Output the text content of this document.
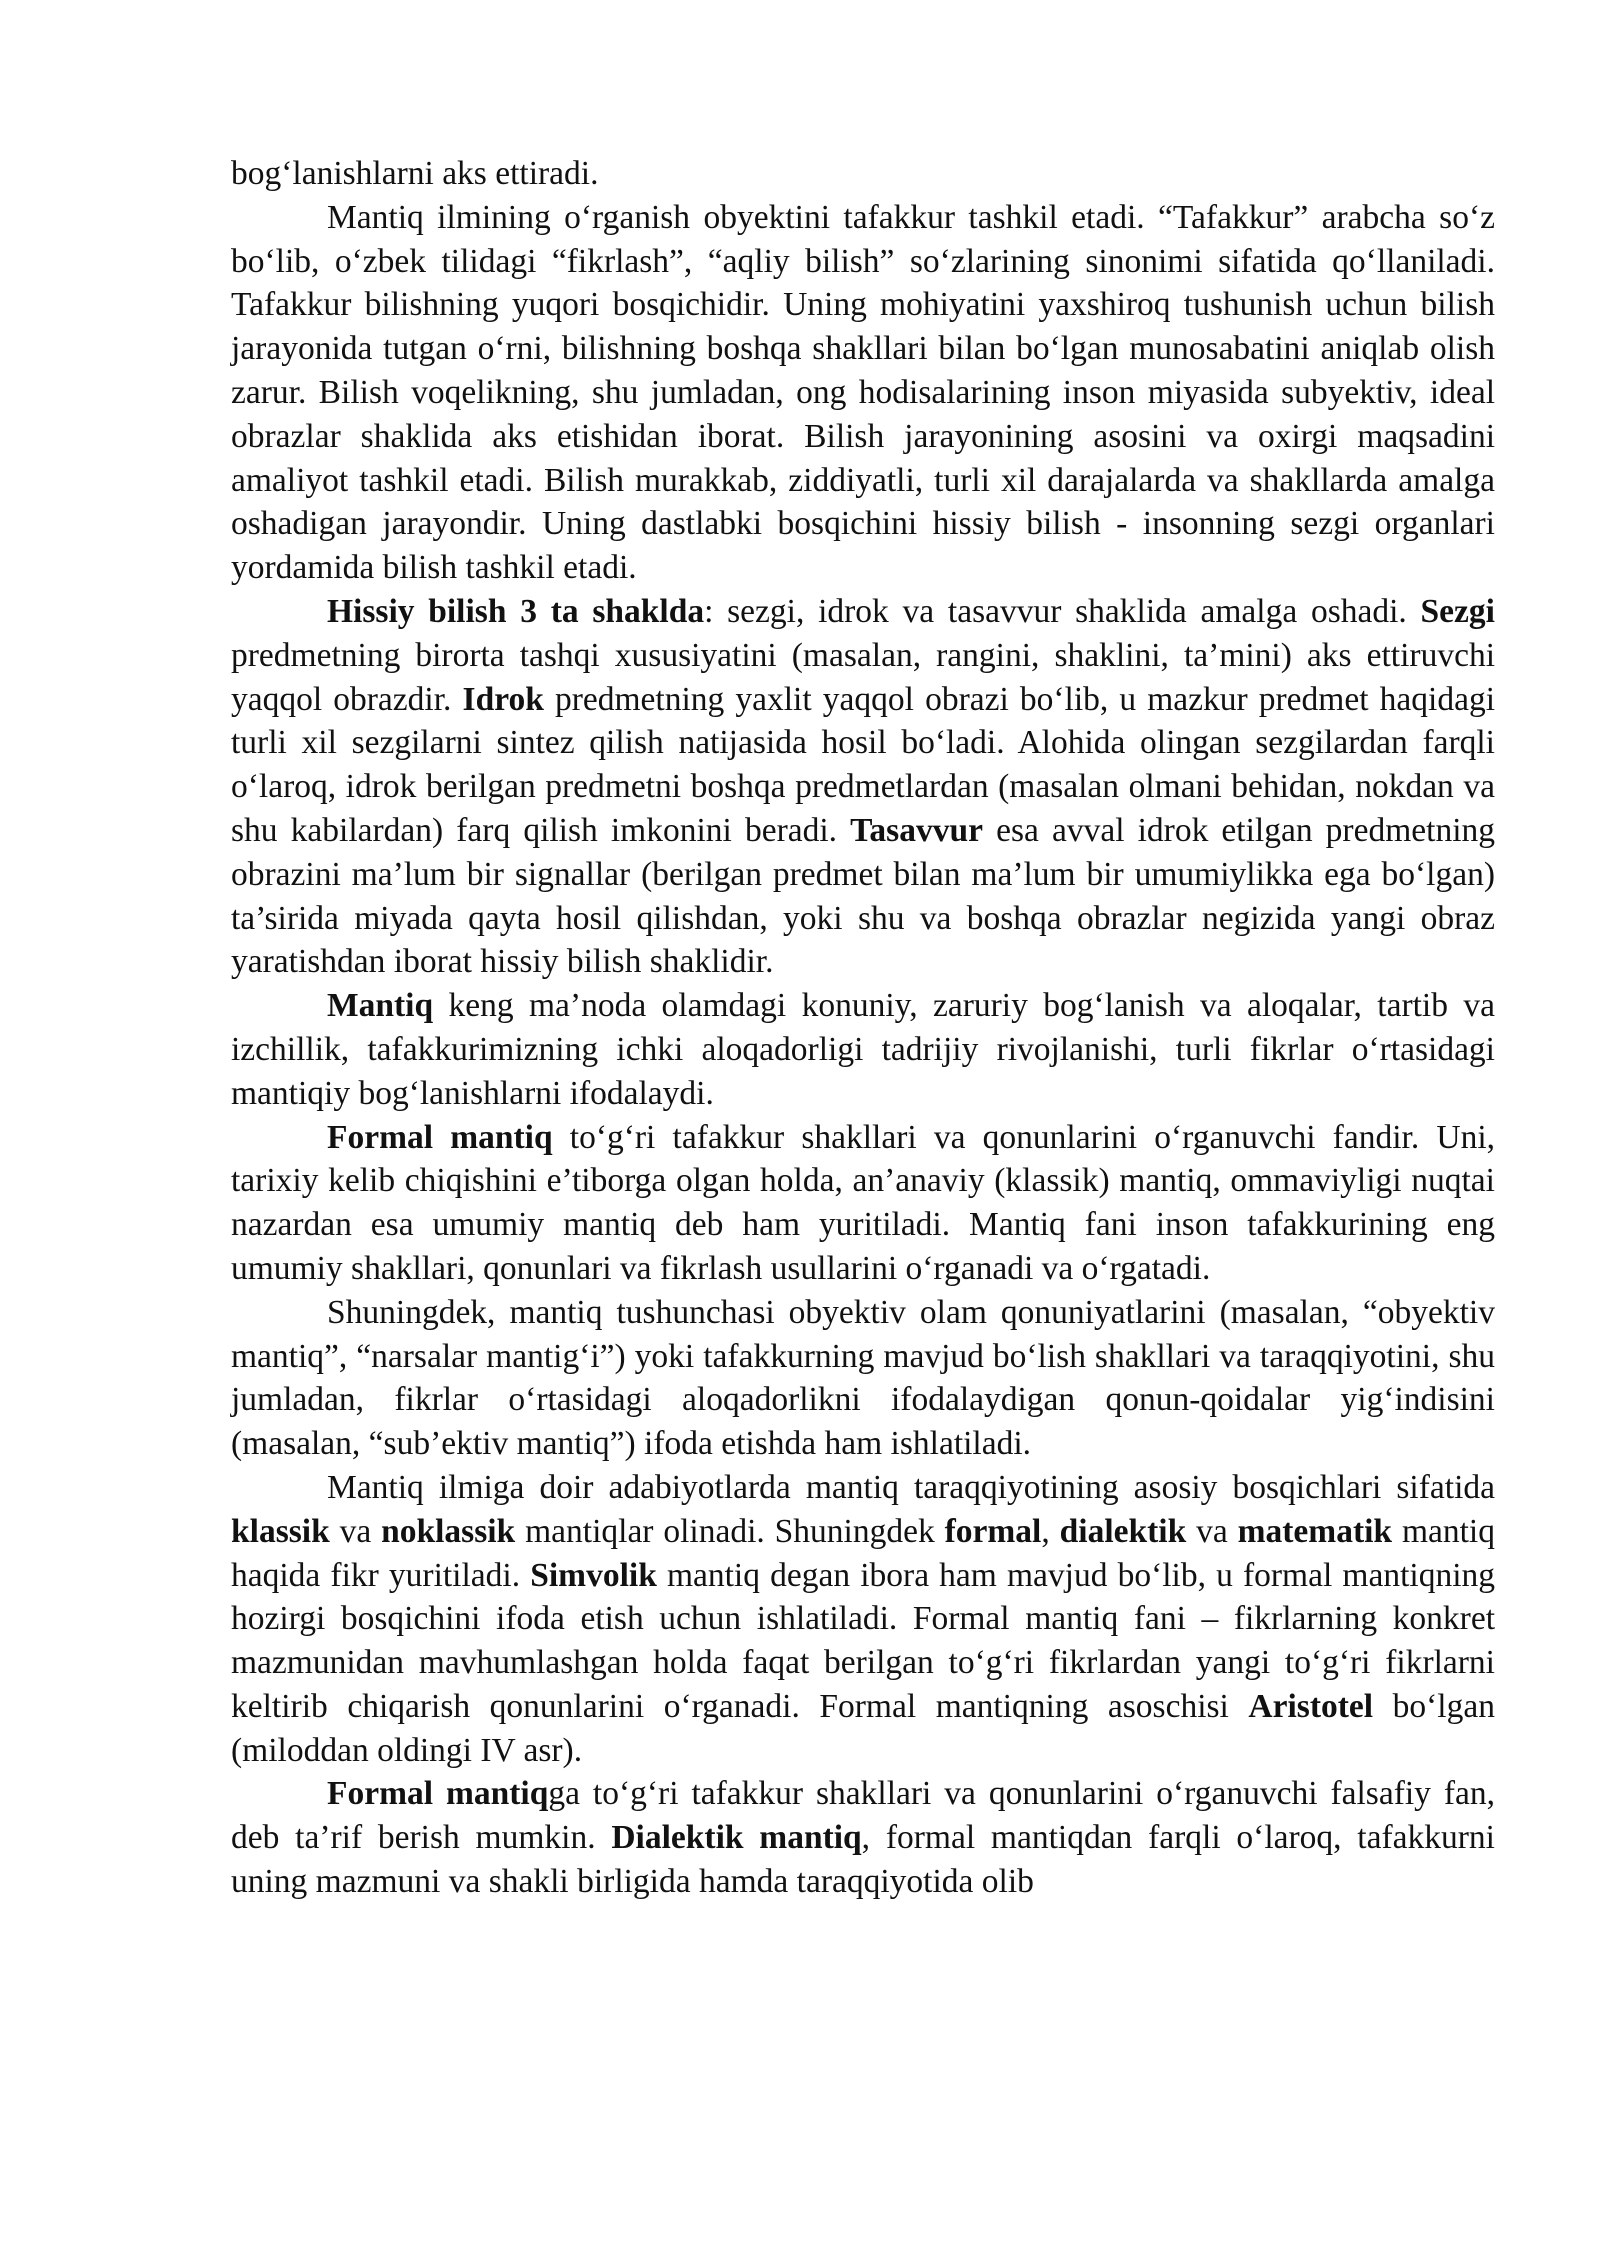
bog‘lanishlarni aks ettiradi.

Mantiq ilmining o‘rganish obyektini tafakkur tashkil etadi. “Tafakkur” arabcha so‘z bo‘lib, o‘zbek tilidagi “fikrlash”, “aqliy bilish” so‘zlarining sinonimi sifatida qo‘llaniladi. Tafakkur bilishning yuqori bosqichidir. Uning mohiyatini yaxshiroq tushunish uchun bilish jarayonida tutgan o‘rni, bilishning boshqa shakllari bilan bo‘lgan munosabatini aniqlab olish zarur. Bilish voqelikning, shu jumladan, ong hodisalarining inson miyasida subyektiv, ideal obrazlar shaklida aks etishidan iborat. Bilish jarayonining asosini va oxirgi maqsadini amaliyot tashkil etadi. Bilish murakkab, ziddiyatli, turli xil darajalarda va shakllarda amalga oshadigan jarayondir. Uning dastlabki bosqichini hissiy bilish - insonning sezgi organlari yordamida bilish tashkil etadi.

Hissiy bilish 3 ta shaklda: sezgi, idrok va tasavvur shaklida amalga oshadi. Sezgi predmetning birorta tashqi xususiyatini (masalan, rangini, shaklini, ta’mini) aks ettiruvchi yaqqol obrazdir. Idrok predmetning yaxlit yaqqol obrazi bo‘lib, u mazkur predmet haqidagi turli xil sezgilarni sintez qilish natijasida hosil bo‘ladi. Alohida olingan sezgilardan farqli o‘laroq, idrok berilgan predmetni boshqa predmetlardan (masalan olmani behidan, nokdan va shu kabilardan) farq qilish imkonini beradi. Tasavvur esa avval idrok etilgan predmetning obrazini ma’lum bir signallar (berilgan predmet bilan ma’lum bir umumiylikka ega bo‘lgan) ta’sirida miyada qayta hosil qilishdan, yoki shu va boshqa obrazlar negizida yangi obraz yaratishdan iborat hissiy bilish shaklidir.

Mantiq keng ma’noda olamdagi konuniy, zaruriy bog‘lanish va aloqalar, tartib va izchillik, tafakkurimizning ichki aloqadorligi tadrijiy rivojlanishi, turli fikrlar o‘rtasidagi mantiqiy bog‘lanishlarni ifodalaydi.

Formal mantiq to‘g‘ri tafakkur shakllari va qonunlarini o‘rganuvchi fandir. Uni, tarixiy kelib chiqishini e’tiborga olgan holda, an’anaviy (klassik) mantiq, ommaviyligi nuqtai nazardan esa umumiy mantiq deb ham yuritiladi. Mantiq fani inson tafakkurining eng umumiy shakllari, qonunlari va fikrlash usullarini o‘rganadi va o‘rgatadi.

Shuningdek, mantiq tushunchasi obyektiv olam qonuniyatlarini (masalan, “obyektiv mantiq”, “narsalar mantig‘i”) yoki tafakkurning mavjud bo‘lish shakllari va taraqqiyotini, shu jumladan, fikrlar o‘rtasidagi aloqadorlikni ifodalaydigan qonun-qoidalar yig‘indisini (masalan, “sub’ektiv mantiq”) ifoda etishda ham ishlatiladi.

Mantiq ilmiga doir adabiyotlarda mantiq taraqqiyotining asosiy bosqichlari sifatida klassik va noklassik mantiqlar olinadi. Shuningdek formal, dialektik va matematik mantiq haqida fikr yuritiladi. Simvolik mantiq degan ibora ham mavjud bo‘lib, u formal mantiqning hozirgi bosqichini ifoda etish uchun ishlatiladi. Formal mantiq fani – fikrlarning konkret mazmunidan mavhumlashgan holda faqat berilgan to‘g‘ri fikrlardan yangi to‘g‘ri fikrlarni keltirib chiqarish qonunlarini o‘rganadi. Formal mantiqning asoschisi Aristotel bo‘lgan (miloddan oldingi IV asr).

Formal mantiqga to‘g‘ri tafakkur shakllari va qonunlarini o‘rganuvchi falsafiy fan, deb ta’rif berish mumkin. Dialektik mantiq, formal mantiqdan farqli o‘laroq, tafakkurni uning mazmuni va shakli birligida hamda taraqqiyotida olib
